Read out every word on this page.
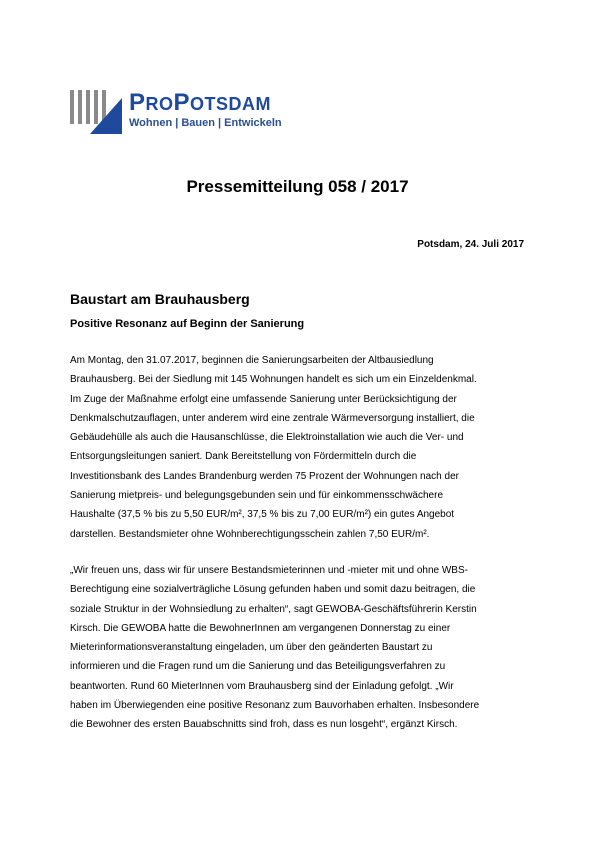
PROPOTSDAM
Wohnen | Bauen | Entwickeln
Pressemitteilung 058 / 2017
Potsdam, 24. Juli 2017
Baustart am Brauhausberg
Positive Resonanz auf Beginn der Sanierung

Am Montag, den 31.07.2017, beginnen die Sanierungsarbeiten der Altbausiedlung
Brauhausberg. Bei der Siedlung mit 145 Wohnungen handelt es sich um ein Einzeldenkmal.
Im Zuge der Maßnahme erfolgt eine umfassende Sanierung unter Berücksichtigung der
Denkmalschutzauflagen, unter anderem wird eine zentrale Wärmeversorgung installiert, die
Gebäudehülle als auch die Hausanschlüsse, die Elektroinstallation wie auch die Ver- und
Entsorgungsleitungen saniert. Dank Bereitstellung von Fördermitteln durch die
Investitionsbank des Landes Brandenburg werden 75 Prozent der Wohnungen nach der
Sanierung mietpreis- und belegungsgebunden sein und für einkommensschwächere
Haushalte (37,5 % bis zu 5,50 EUR/m², 37,5 % bis zu 7,00 EUR/m²) ein gutes Angebot
darstellen. Bestandsmieter ohne Wohnberechtigungsschein zahlen 7,50 EUR/m².

„Wir freuen uns, dass wir für unsere Bestandsmieterinnen und -mieter mit und ohne WBS-
Berechtigung eine sozialverträgliche Lösung gefunden haben und somit dazu beitragen, die
soziale Struktur in der Wohnsiedlung zu erhalten“, sagt GEWOBA-Geschäftsführerin Kerstin
Kirsch. Die GEWOBA hatte die BewohnerInnen am vergangenen Donnerstag zu einer
Mieterinformationsveranstaltung eingeladen, um über den geänderten Baustart zu
informieren und die Fragen rund um die Sanierung und das Beteiligungsverfahren zu
beantworten. Rund 60 MieterInnen vom Brauhausberg sind der Einladung gefolgt. „Wir
haben im Überwiegenden eine positive Resonanz zum Bauvorhaben erhalten. Insbesondere
die Bewohner des ersten Bauabschnitts sind froh, dass es nun losgeht“, ergänzt Kirsch.
